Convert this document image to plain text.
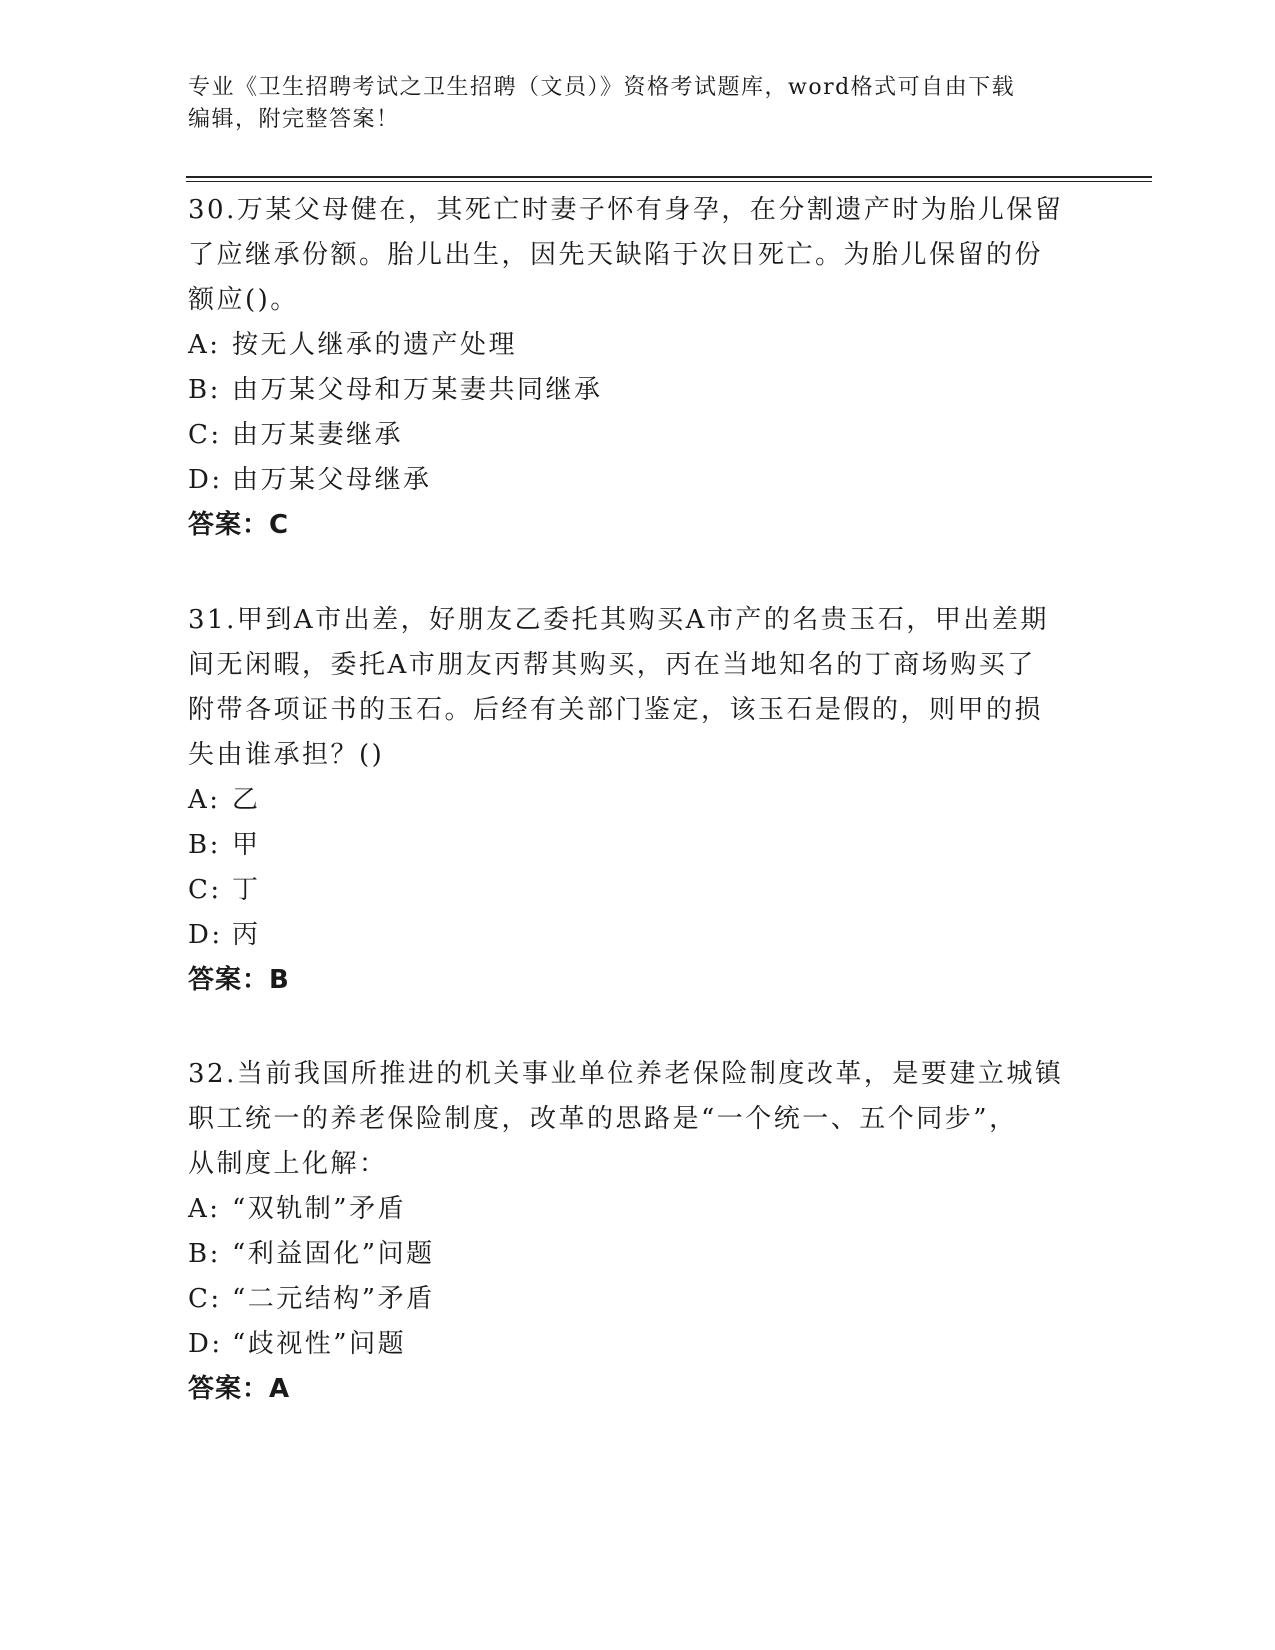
专业《卫生招聘考试之卫生招聘（文员）》资格考试题库，word格式可自由下载
编辑，附完整答案！

30.万某父母健在，其死亡时妻子怀有身孕，在分割遗产时为胎儿保留

了应继承份额。胎儿出生，因先天缺陷于次日死亡。为胎儿保留的份

额应()。

A: 按无人继承的遗产处理

B: 由万某父母和万某妻共同继承

C: 由万某妻继承

D: 由万某父母继承

答案：C

31.甲到A市出差，好朋友乙委托其购买A市产的名贵玉石，甲出差期

间无闲暇，委托A市朋友丙帮其购买，丙在当地知名的丁商场购买了

附带各项证书的玉石。后经有关部门鉴定，该玉石是假的，则甲的损

失由谁承担？()

A: 乙

B: 甲

C: 丁

D: 丙

答案：B

32.当前我国所推进的机关事业单位养老保险制度改革，是要建立城镇

职工统一的养老保险制度，改革的思路是“一个统一、五个同步”，

从制度上化解：

A: “双轨制”矛盾

B: “利益固化”问题

C: “二元结构”矛盾

D: “歧视性”问题

答案：A
